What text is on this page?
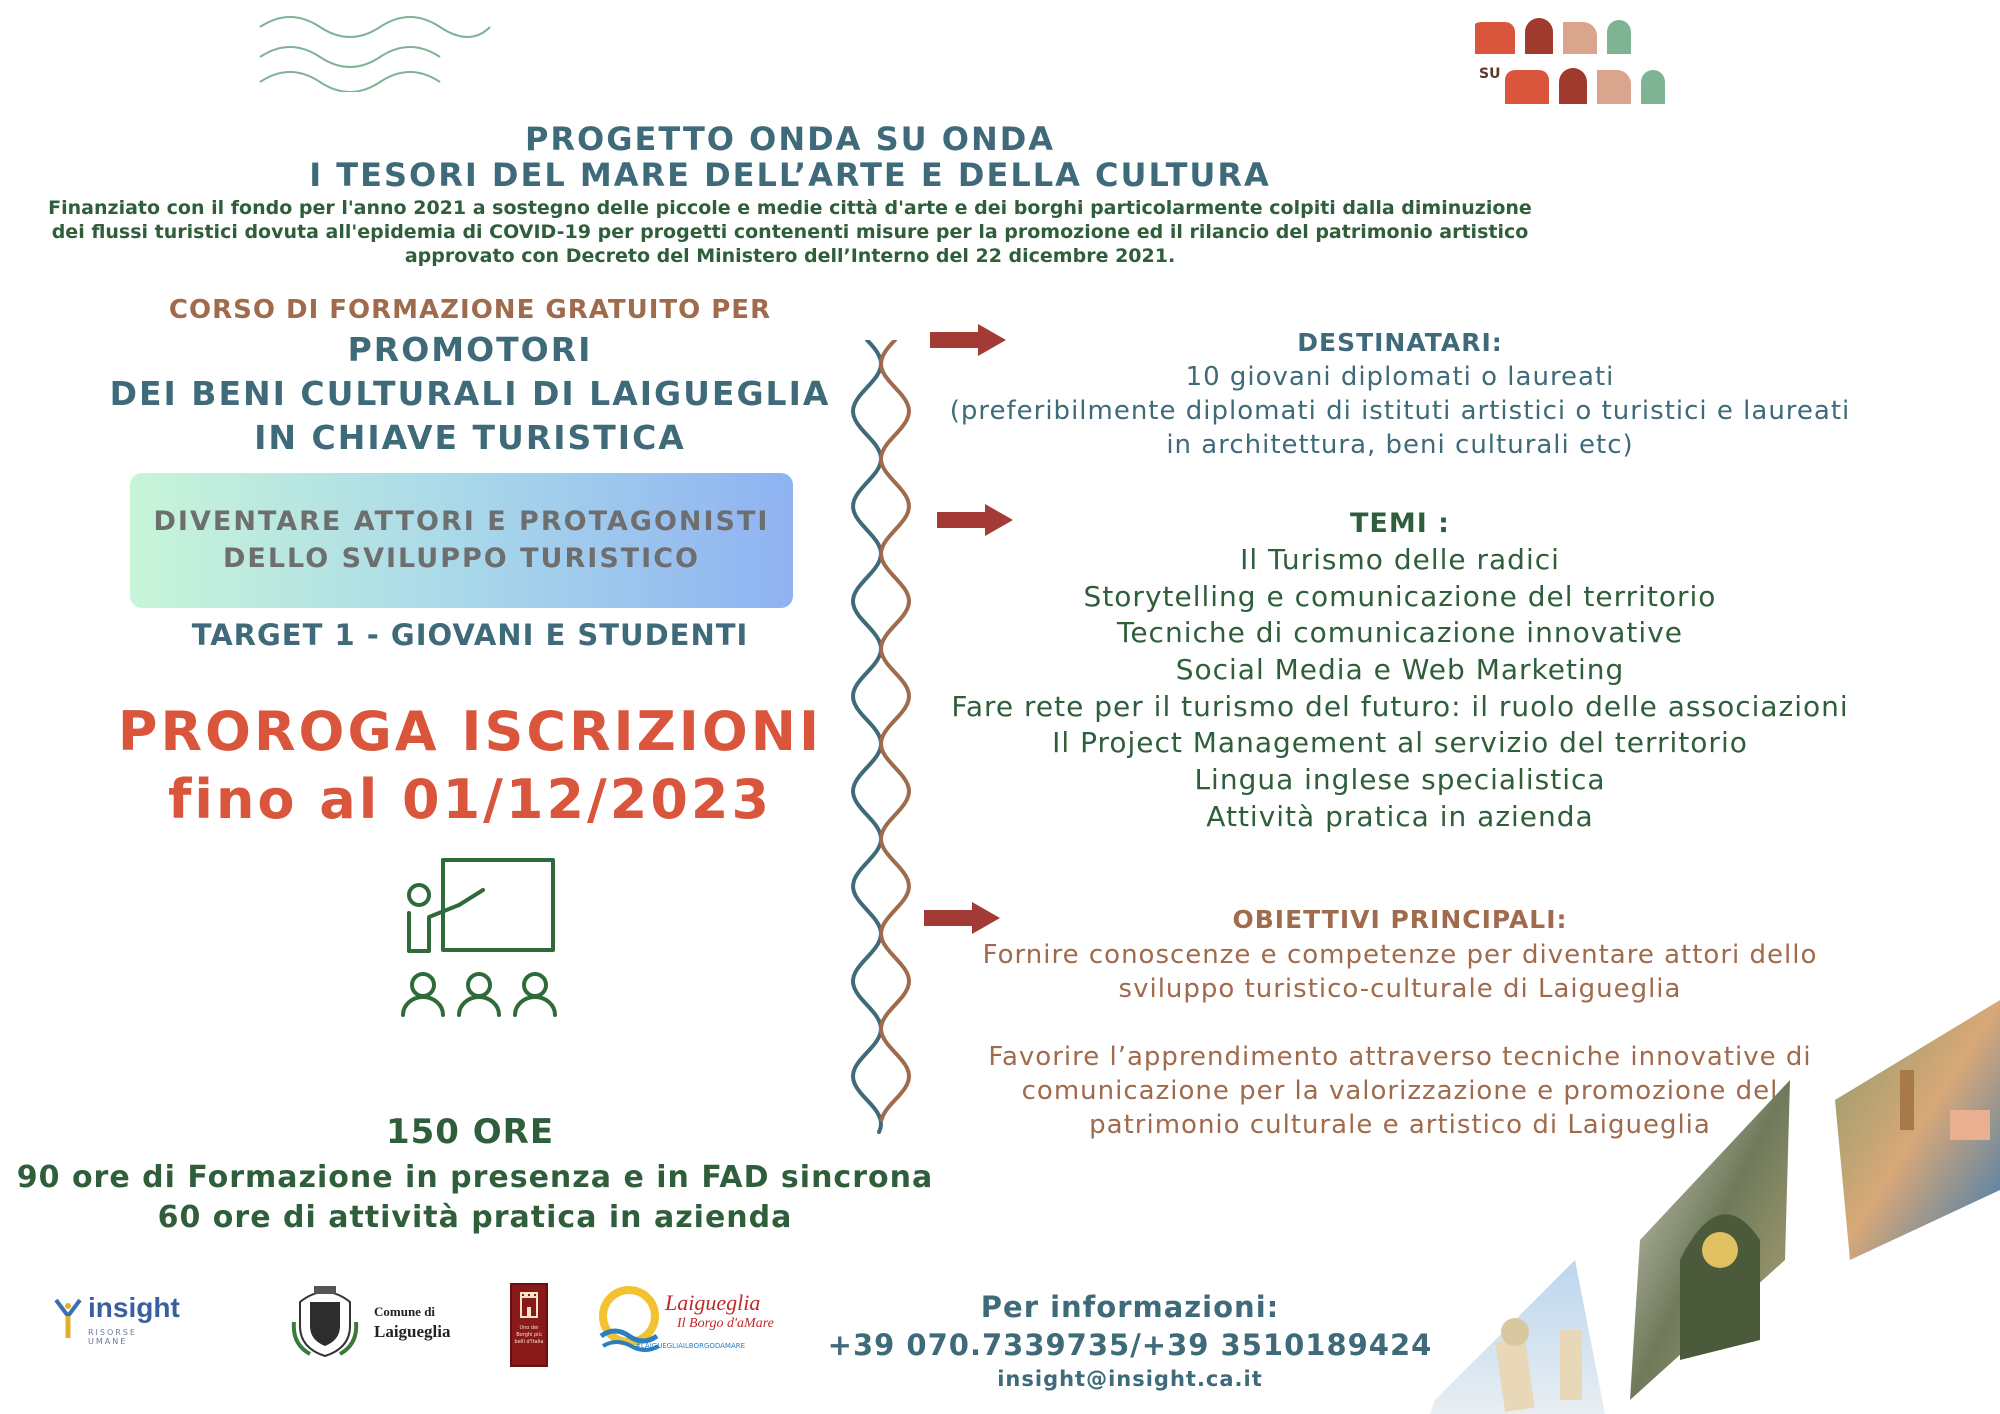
SU
PROGETTO ONDA SU ONDA
I TESORI DEL MARE DELL’ARTE E DELLA CULTURA
Finanziato con il fondo per l'anno 2021 a sostegno delle piccole e medie città d'arte e dei borghi particolarmente colpiti dalla diminuzione
dei flussi turistici dovuta all'epidemia di COVID-19 per progetti contenenti misure per la promozione ed il rilancio del patrimonio artistico
approvato con Decreto del Ministero dell’Interno del 22 dicembre 2021.
CORSO DI FORMAZIONE GRATUITO PER
PROMOTORI
DEI BENI CULTURALI DI LAIGUEGLIA
IN CHIAVE TURISTICA
DIVENTARE ATTORI E PROTAGONISTI
DELLO SVILUPPO TURISTICO
TARGET 1 - GIOVANI E STUDENTI
PROROGA ISCRIZIONI
fino al 01/12/2023
150 ORE
90 ore di Formazione in presenza e in FAD sincrona
60 ore di attività pratica in azienda
DESTINATARI:
10 giovani diplomati o laureati
(preferibilmente diplomati di istituti artistici o turistici e laureati
in architettura, beni culturali etc)
TEMI :
Il Turismo delle radici
Storytelling e comunicazione del territorio
Tecniche di comunicazione innovative
Social Media e Web Marketing
Fare rete per il turismo del futuro: il ruolo delle associazioni
Il Project Management al servizio del territorio
Lingua inglese specialistica
Attività pratica in azienda
OBIETTIVI PRINCIPALI:
Fornire conoscenze e competenze per diventare attori dello
sviluppo turistico-culturale di Laigueglia
Favorire l’apprendimento attraverso tecniche innovative di
comunicazione per la valorizzazione e promozione del
patrimonio culturale e artistico di Laigueglia
Per informazioni:
+39 070.7339735/+39 3510189424
insight@insight.ca.it
insight
RISORSE UMANE
Comune di
Laigueglia	Uno dei Borghi più belli d'Italia
Laigueglia
Il Borgo d'aMare
#LAIGUEGLIAILBORGODAMARE
